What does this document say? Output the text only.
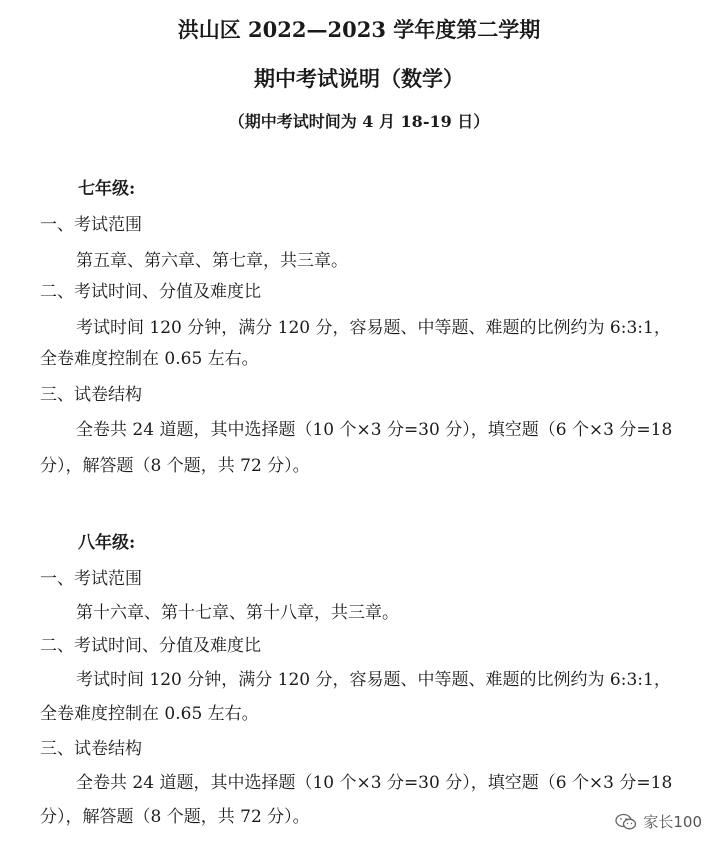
洪山区 2022—2023 学年度第二学期
期中考试说明（数学）
（期中考试时间为 4 月 18-19 日）
七年级:
一、考试范围
第五章、第六章、第七章，共三章。
二、考试时间、分值及难度比
考试时间 120 分钟，满分 120 分，容易题、中等题、难题的比例约为 6:3:1，
全卷难度控制在 0.65 左右。
三、试卷结构
全卷共 24 道题，其中选择题（10 个×3 分=30 分），填空题（6 个×3 分=18
分），解答题（8 个题，共 72 分）。
八年级:
一、考试范围
第十六章、第十七章、第十八章，共三章。
二、考试时间、分值及难度比
考试时间 120 分钟，满分 120 分，容易题、中等题、难题的比例约为 6:3:1，
全卷难度控制在 0.65 左右。
三、试卷结构
全卷共 24 道题，其中选择题（10 个×3 分=30 分），填空题（6 个×3 分=18
分），解答题（8 个题，共 72 分）。	家长100
